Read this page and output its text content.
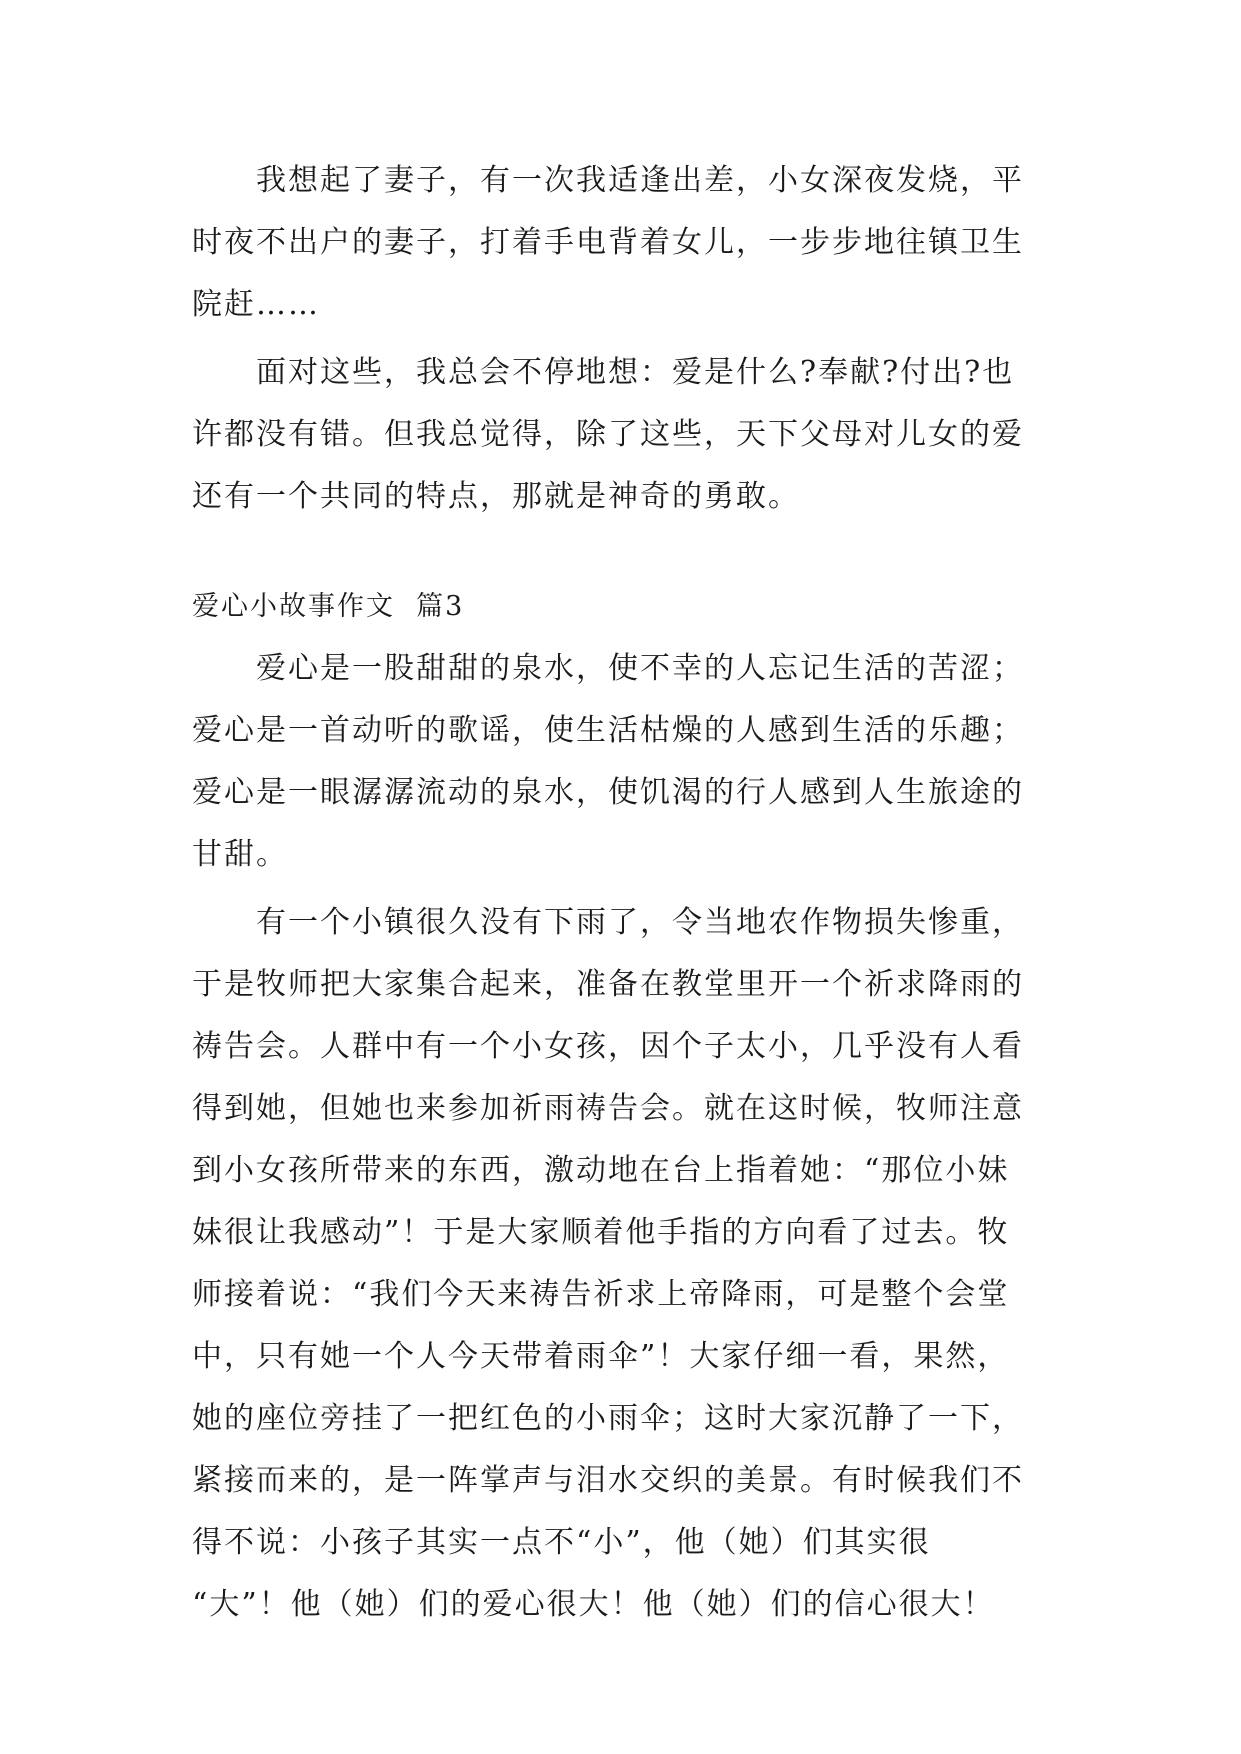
我想起了妻子，有一次我适逢出差，小女深夜发烧，平
时夜不出户的妻子，打着手电背着女儿，一步步地往镇卫生
院赶……

面对这些，我总会不停地想：爱是什么?奉献?付出?也
许都没有错。但我总觉得，除了这些，天下父母对儿女的爱
还有一个共同的特点，那就是神奇的勇敢。

爱心小故事作文  篇3

爱心是一股甜甜的泉水，使不幸的人忘记生活的苦涩；
爱心是一首动听的歌谣，使生活枯燥的人感到生活的乐趣；
爱心是一眼潺潺流动的泉水，使饥渴的行人感到人生旅途的
甘甜。

有一个小镇很久没有下雨了，令当地农作物损失惨重，
于是牧师把大家集合起来，准备在教堂里开一个祈求降雨的
祷告会。人群中有一个小女孩，因个子太小，几乎没有人看
得到她，但她也来参加祈雨祷告会。就在这时候，牧师注意
到小女孩所带来的东西，激动地在台上指着她：“那位小妹
妹很让我感动”！于是大家顺着他手指的方向看了过去。牧
师接着说：“我们今天来祷告祈求上帝降雨，可是整个会堂
中，只有她一个人今天带着雨伞”！大家仔细一看，果然，
她的座位旁挂了一把红色的小雨伞；这时大家沉静了一下，
紧接而来的，是一阵掌声与泪水交织的美景。有时候我们不
得不说：小孩子其实一点不“小”，他（她）们其实很
“大”！他（她）们的爱心很大！他（她）们的信心很大！
